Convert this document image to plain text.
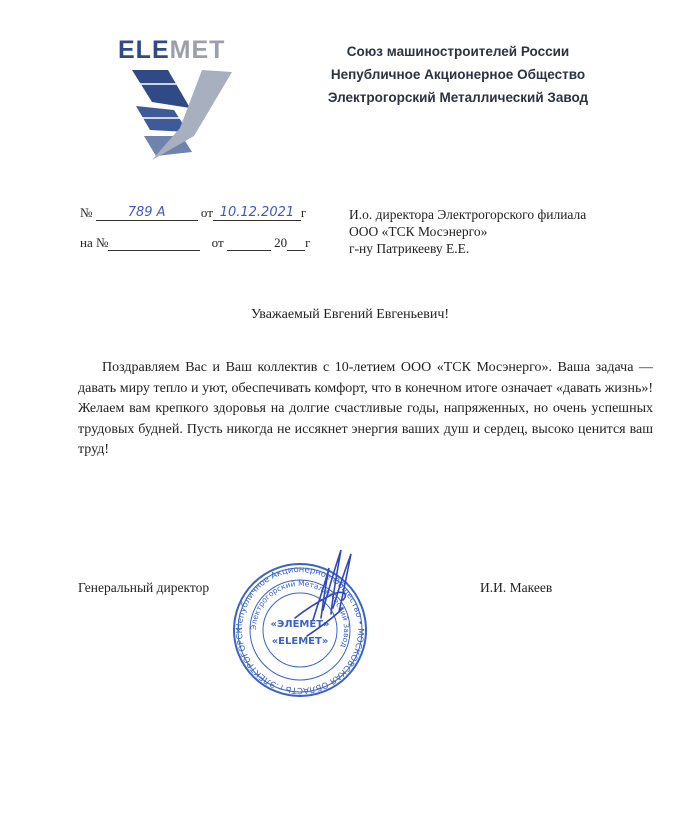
ELEMET	Союз машиностроителей России
Непубличное Акционерное Общество
Электрогорский Металлический Завод
№	789 А	от 10.12.2021 г
на №	от	20 г
И.о. директора Электрогорского филиала
ООО «ТСК Мосэнерго»
г-ну Патрикееву Е.Е.
Уважаемый Евгений Евгеньевич!
Поздравляем Вас и Ваш коллектив с 10-летием ООО «ТСК Мосэнерго». Ваша задача — давать миру тепло и уют, обеспечивать комфорт, что в конечном итоге означает «давать жизнь»! Желаем вам крепкого здоровья на долгие счастливые годы, напряженных, но очень успешных трудовых будней. Пусть никогда не иссякнет энергия ваших душ и сердец, высоко ценится ваш труд!
Генеральный директор	И.И. Макеев
Непубличное Акционерное Общество • МОСКОВСКАЯ ОБЛАСТЬ г.ЭЛЕКТРОГОРСК Электрогорский Металлический Завод
«ЭЛЕМЕТ»
«ELEMET»
